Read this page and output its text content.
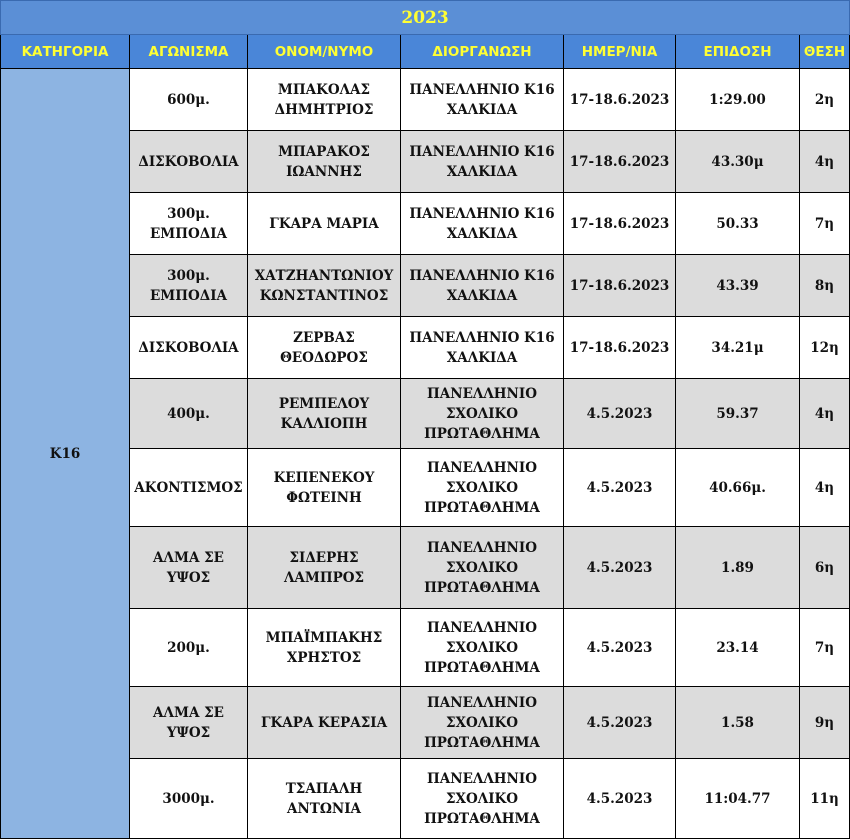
2023						
ΚΑΤΗΓΟΡΙΑ	ΑΓΩΝΙΣΜΑ	ΟΝΟΜ/ΝΥΜΟ	ΔΙΟΡΓΑΝΩΣΗ	ΗΜΕΡ/ΝΙΑ	ΕΠΙΔΟΣΗ	ΘΕΣΗ
Κ16	600μ.	ΜΠΑΚΟΛΑΣ ΔΗΜΗΤΡΙΟΣ	ΠΑΝΕΛΛΗΝΙΟ Κ16 ΧΑΛΚΙΔΑ	17-18.6.2023	1:29.00	2η
	ΔΙΣΚΟΒΟΛΙΑ	ΜΠΑΡΑΚΟΣ ΙΩΑΝΝΗΣ	ΠΑΝΕΛΛΗΝΙΟ Κ16 ΧΑΛΚΙΔΑ	17-18.6.2023	43.30μ	4η
	300μ. ΕΜΠΟΔΙΑ	ΓΚΑΡΑ ΜΑΡΙΑ	ΠΑΝΕΛΛΗΝΙΟ Κ16 ΧΑΛΚΙΔΑ	17-18.6.2023	50.33	7η
	300μ. ΕΜΠΟΔΙΑ	ΧΑΤΖΗΑΝΤΩΝΙΟΥ ΚΩΝΣΤΑΝΤΙΝΟΣ	ΠΑΝΕΛΛΗΝΙΟ Κ16 ΧΑΛΚΙΔΑ	17-18.6.2023	43.39	8η
	ΔΙΣΚΟΒΟΛΙΑ	ΖΕΡΒΑΣ ΘΕΟΔΩΡΟΣ	ΠΑΝΕΛΛΗΝΙΟ Κ16 ΧΑΛΚΙΔΑ	17-18.6.2023	34.21μ	12η
	400μ.	ΡΕΜΠΕΛΟΥ ΚΑΛΛΙΟΠΗ	ΠΑΝΕΛΛΗΝΙΟ ΣΧΟΛΙΚΟ ΠΡΩΤΑΘΛΗΜΑ	4.5.2023	59.37	4η
	ΑΚΟΝΤΙΣΜΟΣ	ΚΕΠΕΝΕΚΟΥ ΦΩΤΕΙΝΗ	ΠΑΝΕΛΛΗΝΙΟ ΣΧΟΛΙΚΟ ΠΡΩΤΑΘΛΗΜΑ	4.5.2023	40.66μ.	4η
	ΑΛΜΑ ΣΕ ΥΨΟΣ	ΣΙΔΕΡΗΣ ΛΑΜΠΡΟΣ	ΠΑΝΕΛΛΗΝΙΟ ΣΧΟΛΙΚΟ ΠΡΩΤΑΘΛΗΜΑ	4.5.2023	1.89	6η
	200μ.	ΜΠΑΪΜΠΑΚΗΣ ΧΡΗΣΤΟΣ	ΠΑΝΕΛΛΗΝΙΟ ΣΧΟΛΙΚΟ ΠΡΩΤΑΘΛΗΜΑ	4.5.2023	23.14	7η
	ΑΛΜΑ ΣΕ ΥΨΟΣ	ΓΚΑΡΑ ΚΕΡΑΣΙΑ	ΠΑΝΕΛΛΗΝΙΟ ΣΧΟΛΙΚΟ ΠΡΩΤΑΘΛΗΜΑ	4.5.2023	1.58	9η
	3000μ.	ΤΣΑΠΑΛΗ ΑΝΤΩΝΙΑ	ΠΑΝΕΛΛΗΝΙΟ ΣΧΟΛΙΚΟ ΠΡΩΤΑΘΛΗΜΑ	4.5.2023	11:04.77	11η
